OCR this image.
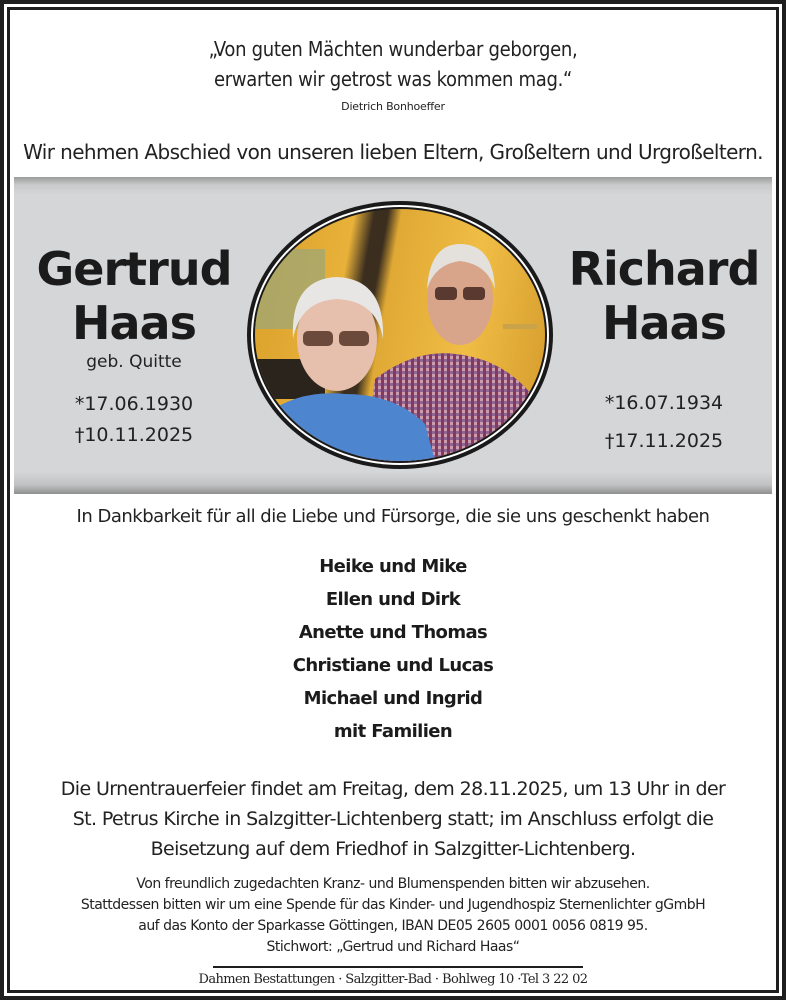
„Von guten Mächten wunderbar geborgen,
erwarten wir getrost was kommen mag.“
Dietrich Bonhoeffer
Wir nehmen Abschied von unseren lieben Eltern, Großeltern und Urgroßeltern.
Gertrud
Haas
geb. Quitte
*17.06.1930
†10.11.2025
Richard
Haas
*16.07.1934
†17.11.2025
In Dankbarkeit für all die Liebe und Fürsorge, die sie uns geschenkt haben
Heike und Mike
Ellen und Dirk
Anette und Thomas
Christiane und Lucas
Michael und Ingrid
mit Familien
Die Urnentrauerfeier findet am Freitag, dem 28.11.2025, um 13 Uhr in der
St. Petrus Kirche in Salzgitter-Lichtenberg statt; im Anschluss erfolgt die
Beisetzung auf dem Friedhof in Salzgitter-Lichtenberg.
Von freundlich zugedachten Kranz- und Blumenspenden bitten wir abzusehen.
Stattdessen bitten wir um eine Spende für das Kinder- und Jugendhospiz Sternenlichter gGmbH
auf das Konto der Sparkasse Göttingen, IBAN DE05 2605 0001 0056 0819 95.
Stichwort: „Gertrud und Richard Haas“
Dahmen Bestattungen · Salzgitter-Bad · Bohlweg 10 ·Tel 3 22 02
